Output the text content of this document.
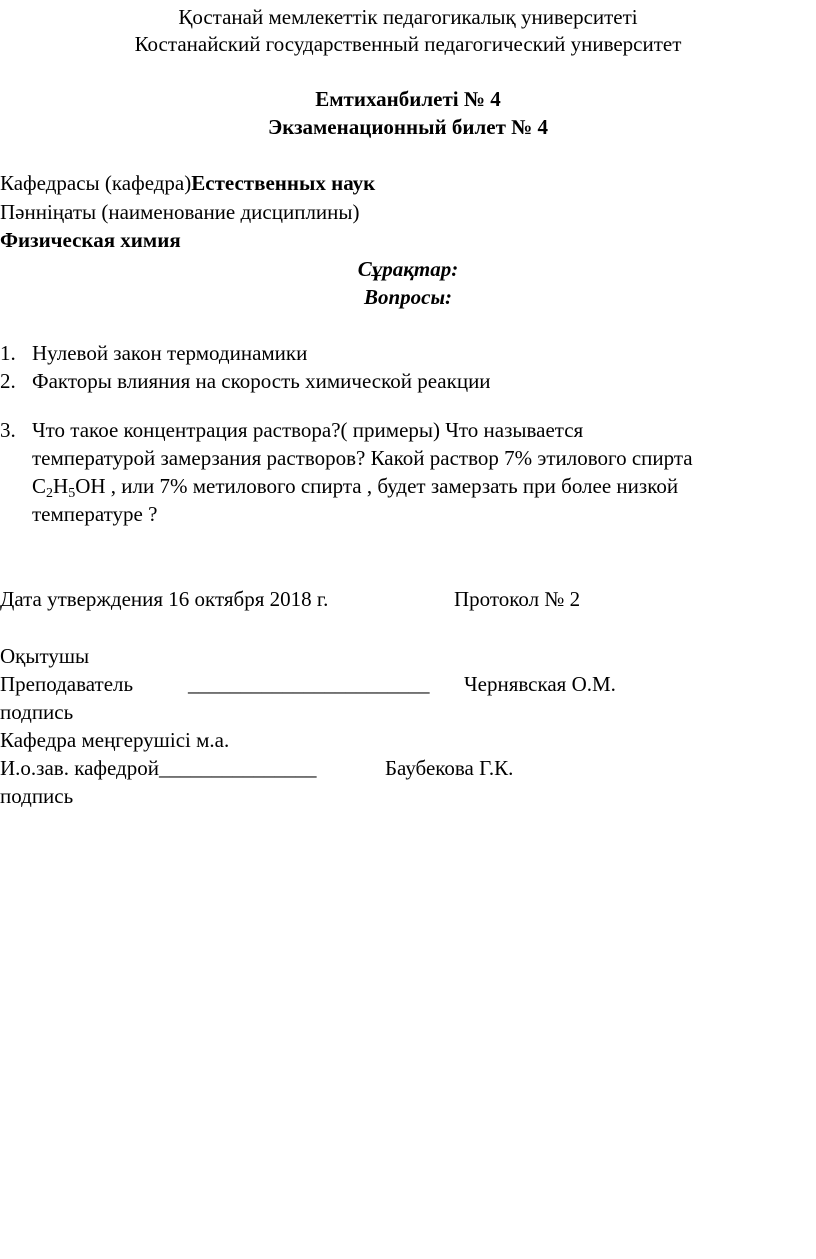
Қостанай мемлекеттік педагогикалық университеті
Костанайский государственный педагогический университет
Емтиханбилеті № 4
Экзаменационный билет № 4
Кафедрасы (кафедра)Естественных наук
Пәнніңаты (наименование дисциплины)
Физическая химия
Сұрақтар:
Вопросы:
1. Нулевой закон термодинамики
2. Факторы влияния на скорость химической реакции
3. Что такое концентрация раствора?( примеры) Что называется
температурой замерзания растворов? Какой раствор 7% этилового спирта
$C_2H_5OH$ , или 7% метилового спирта , будет замерзать при более низкой
температуре ?
Дата утверждения 16 октября 2018 г.	Протокол № 2
Оқытушы
Преподаватель	_______________________ Чернявская О.М.
подпись
Кафедра меңгерушісі м.а.
И.о.зав. кафедрой_______________	Баубекова Г.К.
подпись
